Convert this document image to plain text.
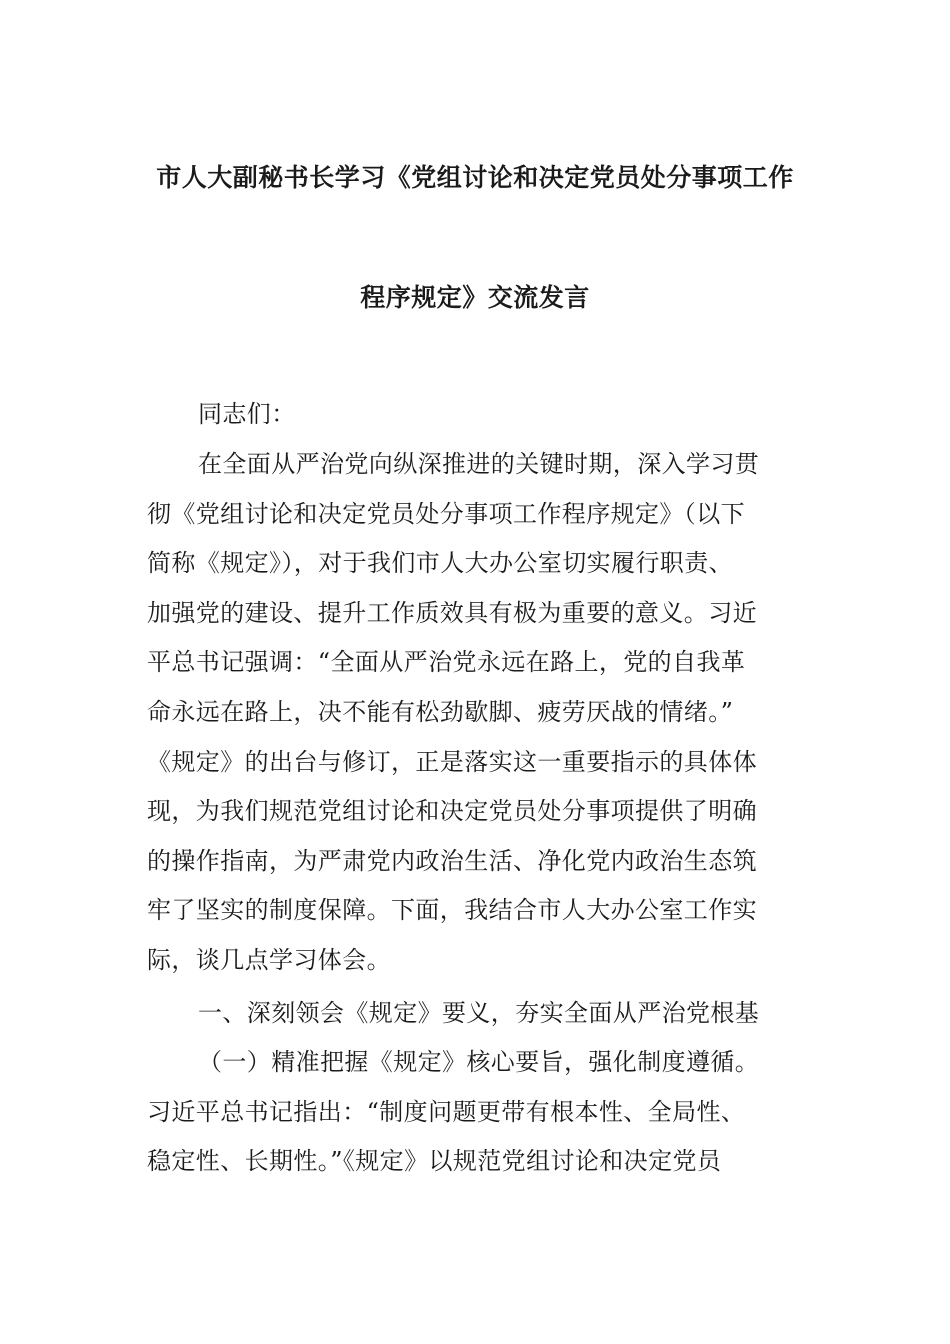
市人大副秘书长学习《党组讨论和决定党员处分事项工作
程序规定》交流发言
同志们：
在全面从严治党向纵深推进的关键时期，深入学习贯
彻《党组讨论和决定党员处分事项工作程序规定》（以下
简称《规定》），对于我们市人大办公室切实履行职责、
加强党的建设、提升工作质效具有极为重要的意义。习近
平总书记强调：“全面从严治党永远在路上，党的自我革
命永远在路上，决不能有松劲歇脚、疲劳厌战的情绪。”
《规定》的出台与修订，正是落实这一重要指示的具体体
现，为我们规范党组讨论和决定党员处分事项提供了明确
的操作指南，为严肃党内政治生活、净化党内政治生态筑
牢了坚实的制度保障。下面，我结合市人大办公室工作实
际，谈几点学习体会。
一、深刻领会《规定》要义，夯实全面从严治党根基
（一）精准把握《规定》核心要旨，强化制度遵循。
习近平总书记指出：“制度问题更带有根本性、全局性、
稳定性、长期性。”《规定》以规范党组讨论和决定党员
